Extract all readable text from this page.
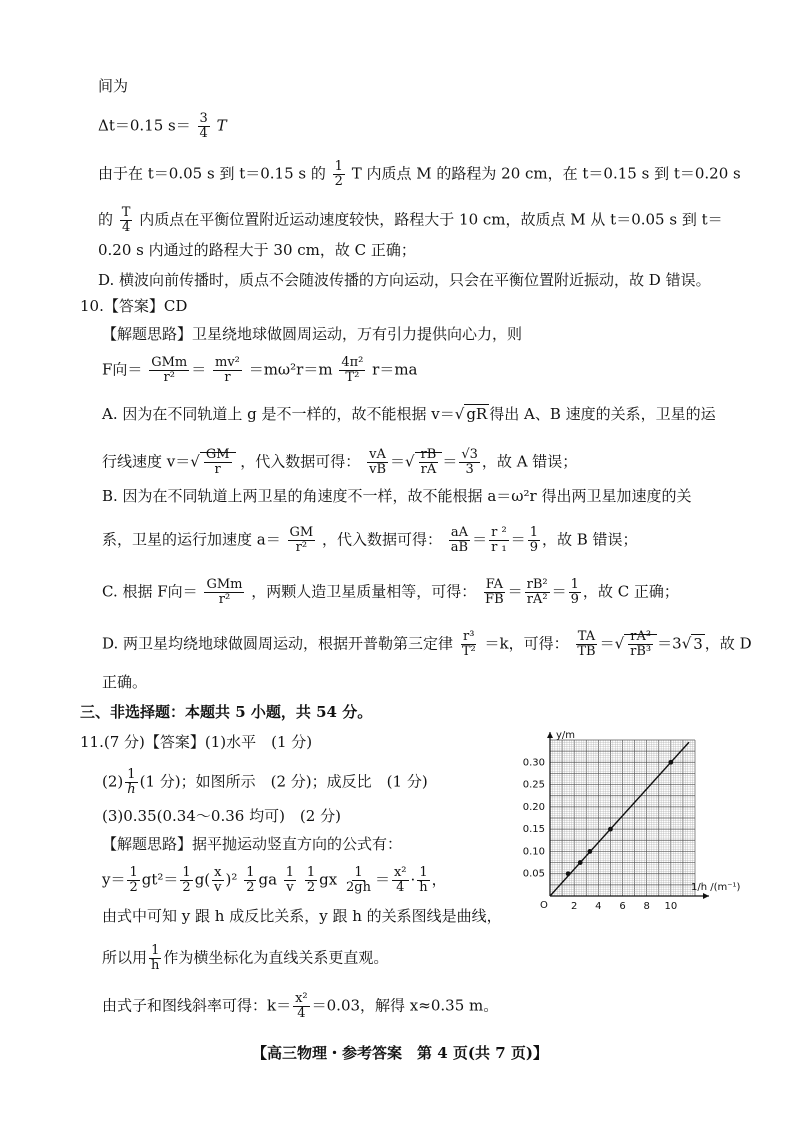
间为
Δt＝0.15 $s= \frac{3}{4}$ T
由于在 t＝0.05 s 到 t＝0.15 s 的 $\frac{1}{2}$ T 内质点 M 的路程为 20 cm，在 t＝0.15 s 到 t＝0.20 s
的 $\frac{T}{4}$ 内质点在平衡位置附近运动速度较快，路程大于 10 cm，故质点 M 从 t＝0.05 s 到 t＝
0.20 s 内通过的路程大于 30 cm，故 C 正确；
D. 横波向前传播时，质点不会随波传播的方向运动，只会在平衡位置附近振动，故 D 错误。
10.【答案】CD
【解题思路】卫星绕地球做圆周运动，万有引力提供向心力，则
F向＝ $\frac{\text{GMm}}{\text{r²}} = \frac{\text{mv²}}{r} =m\omega^2r=m \frac{\text{4π²}}{\text{T²}} r=ma$
A. 因为在不同轨道上 g 是不一样的，故不能根据 v＝√ gR 得出 A、B 速度的关系，卫星的运
行线速度 $v=√ \frac{GM}{r}$ ，代入数据可得： $\frac{vA}{vB}$ ＝√ $\frac{rB}{rA} = \frac{√3}{3}$ ，故 A 错误；
B. 因为在不同轨道上两卫星的角速度不一样，故不能根据 a＝ω²r 得出两卫星加速度的关
系，卫星的运行加速度 $a= \frac{GM}{\text{r²}}$ ，代入数据可得： $\frac{aA}{aB} = \frac{\text{r ²}}{\text{r ₁}} = \frac{1}{9}$ ，故 B 错误；
C. 根据 F向＝ $\frac{\text{GMm}}{\text{r²}}$ ，两颗人造卫星质量相等，可得： $\frac{FA}{FB} = \frac{\text{rB²}}{\text{rA²}} = \frac{1}{9}$ ，故 C 正确；
D. 两卫星均绕地球做圆周运动，根据开普勒第三定律 $\frac{\text{r³}}{\text{T²}} =k$，可得： $\frac{TA}{TB}$ ＝√ $\frac{\text{rA³}}{\text{rB³}} =3√$ 3 ，故 D
正确。
三、非选择题：本题共 5 小题，共 54 分。
11.(7 分)【答案】(1)水平　(1 分)
$(2) \frac{1}{h} (1$ 分)；如图所示　(2 分)；成反比　(1 分)
(3)0.35(0.34～0.36 均可)　(2 分)
【解题思路】据平抛运动竖直方向的公式有：
$y= \frac{1}{2} gt^2= \frac{1}{2} g( \frac{x}{v} )^2 \frac{1}{2}$ ga $\frac{1}{v}$
$\frac{1}{2}$ gx $\frac{1}{2gh} = \frac{\text{x²}}{4} \cdot \frac{1}{h}$ ，
由式中可知 y 跟 h 成反比关系，y 跟 h 的关系图线是曲线，
所以用 $\frac{1}{h}$ 作为横坐标化为直线关系更直观。
由式子和图线斜率可得：$k= \frac{\text{x²}}{4} =0.03$，解得 x≈0.35 m。
2 4 6 8 10
0.05
0.10
0.15
0.20
0.25
0.30
y/m
1/h /(m⁻¹)
O
【高三物理・参考答案　第 4 页(共 7 页)】
